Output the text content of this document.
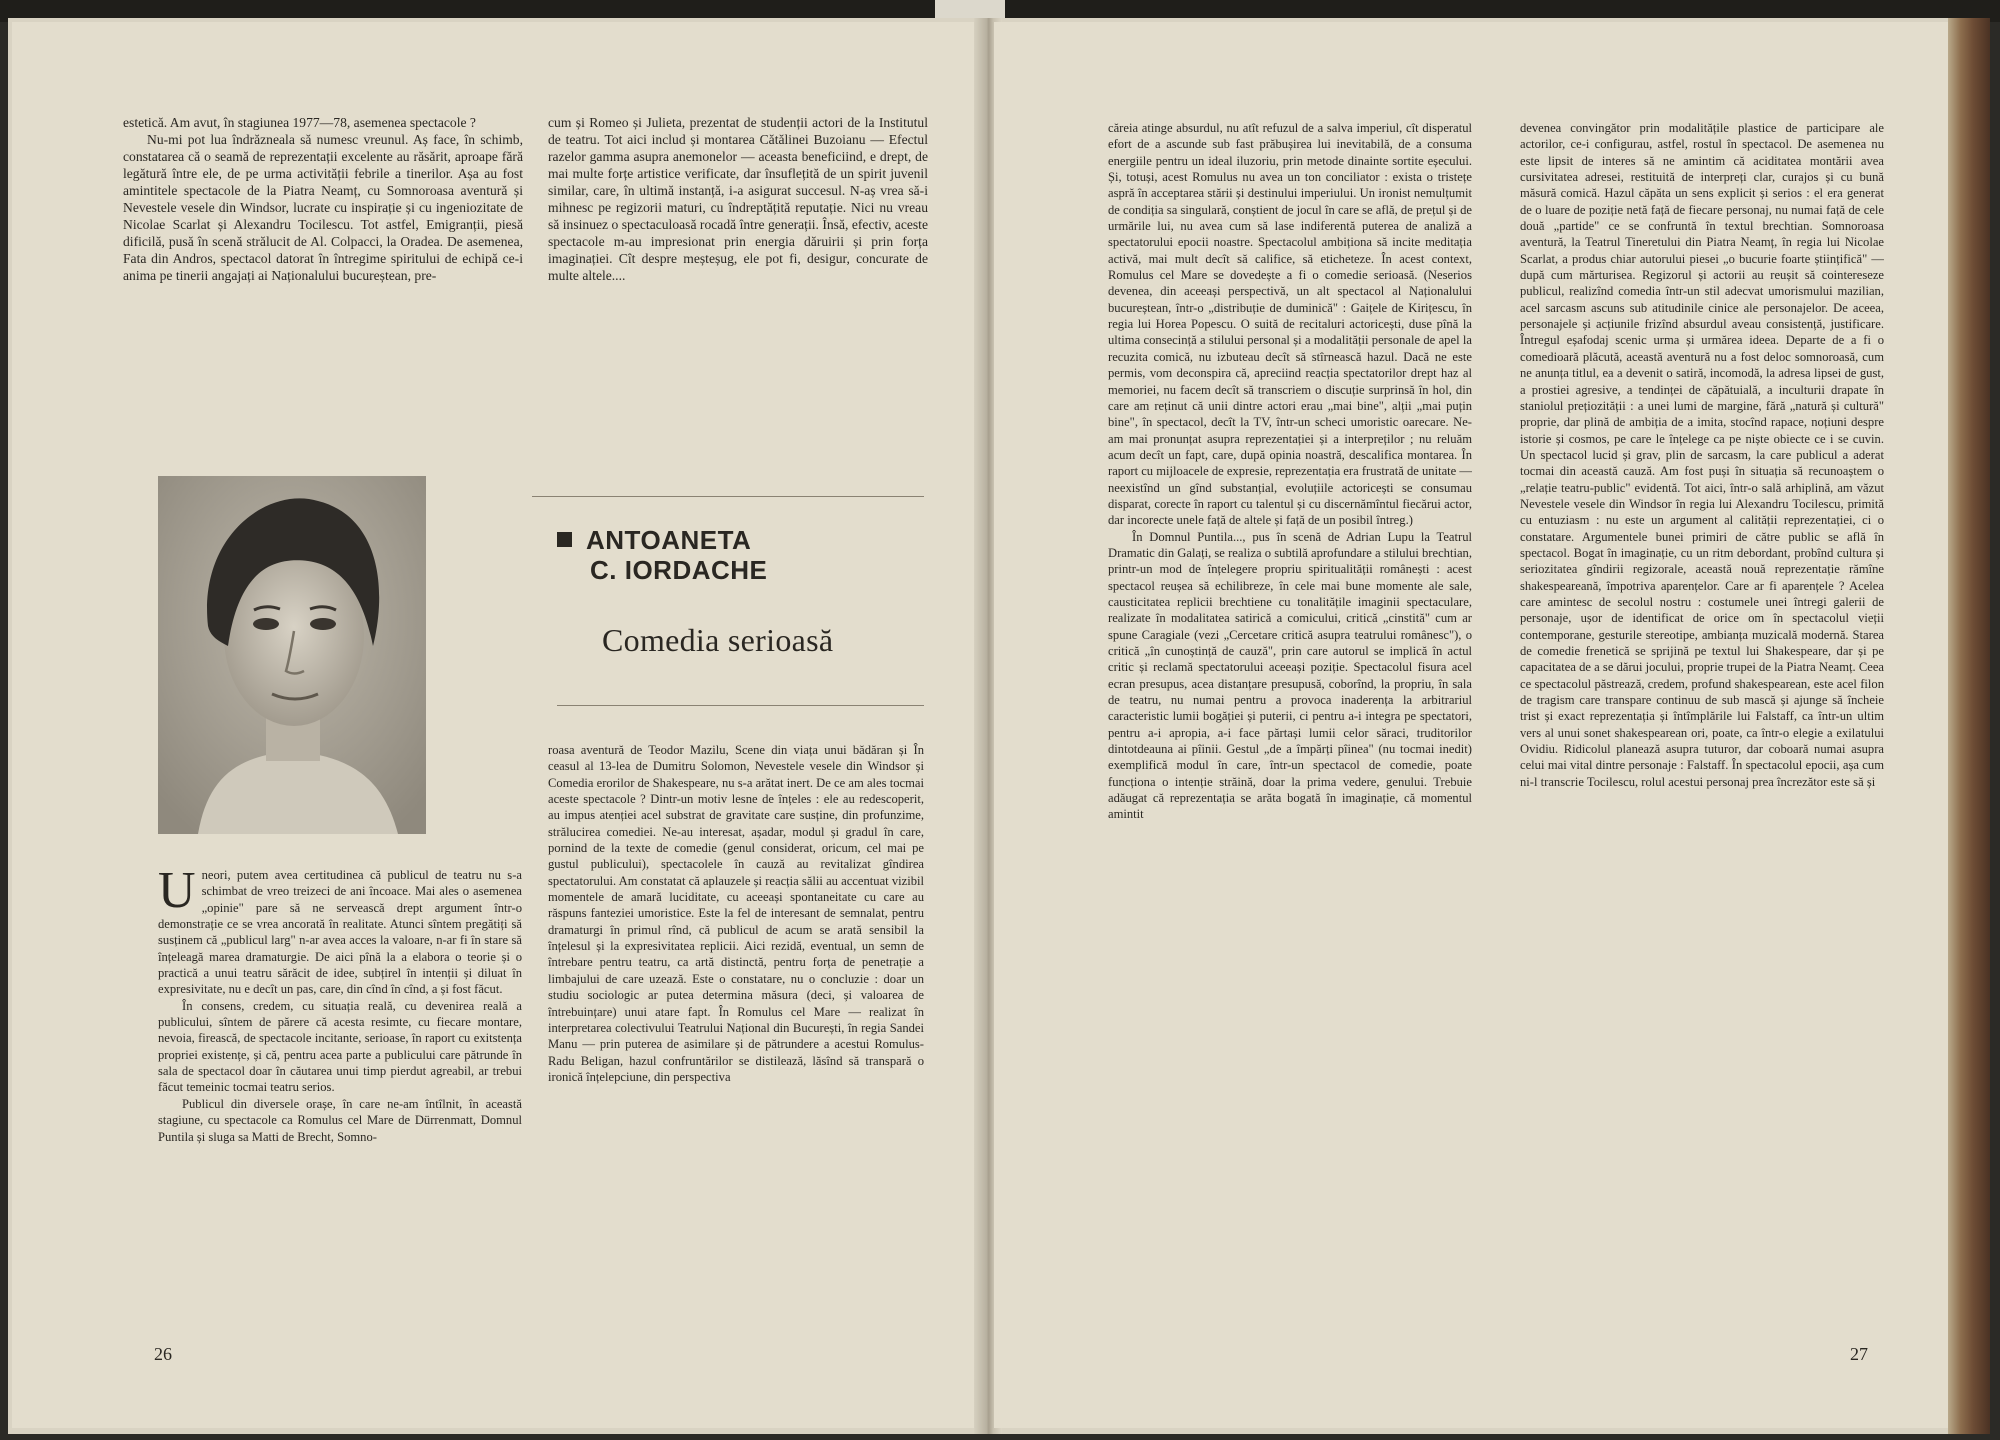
estetică. Am avut, în stagiunea 1977—78, asemenea spectacole ?

Nu-mi pot lua îndrăzneala să numesc vreunul. Aș face, în schimb, constatarea că o seamă de reprezentații excelente au răsărit, aproape fără legătură între ele, de pe urma activității febrile a tinerilor. Așa au fost amintitele spectacole de la Piatra Neamț, cu Somnoroasa aventură și Nevestele vesele din Windsor, lucrate cu inspirație și cu ingeniozitate de Nicolae Scarlat și Alexandru Tocilescu. Tot astfel, Emigranții, piesă dificilă, pusă în scenă strălucit de Al. Colpacci, la Oradea. De asemenea, Fata din Andros, spectacol datorat în întregime spiritului de echipă ce-i anima pe tinerii angajați ai Naționalului bucureștean, pre-

cum și Romeo și Julieta, prezentat de studenții actori de la Institutul de teatru. Tot aici includ și montarea Cătălinei Buzoianu — Efectul razelor gamma asupra anemonelor — aceasta beneficiind, e drept, de mai multe forțe artistice verificate, dar însuflețită de un spirit juvenil similar, care, în ultimă instanță, i-a asigurat succesul. N-aș vrea să-i mihnesc pe regizorii maturi, cu îndreptățită reputație. Nici nu vreau să insinuez o spectaculoasă rocadă între generații. Însă, efectiv, aceste spectacole m-au impresionat prin energia dăruirii și prin forța imaginației. Cît despre meșteșug, ele pot fi, desigur, concurate de multe altele....

ANTOANETA
C. IORDACHE
Comedia serioasă

Uneori, putem avea certitudinea că publicul de teatru nu s-a schimbat de vreo treizeci de ani încoace. Mai ales o asemenea „opinie" pare să ne servească drept argument într-o demonstrație ce se vrea ancorată în realitate. Atunci sîntem pregătiți să susținem că „publicul larg" n-ar avea acces la valoare, n-ar fi în stare să înțeleagă marea dramaturgie. De aici pînă la a elabora o teorie și o practică a unui teatru sărăcit de idee, subțirel în intenții și diluat în expresivitate, nu e decît un pas, care, din cînd în cînd, a și fost făcut.

În consens, credem, cu situația reală, cu devenirea reală a publicului, sîntem de părere că acesta resimte, cu fiecare montare, nevoia, firească, de spectacole incitante, serioase, în raport cu exitstența propriei existențe, și că, pentru acea parte a publicului care pătrunde în sala de spectacol doar în căutarea unui timp pierdut agreabil, ar trebui făcut temeinic tocmai teatru serios.

Publicul din diversele orașe, în care ne-am întîlnit, în această stagiune, cu spectacole ca Romulus cel Mare de Dürrenmatt, Domnul Puntila și sluga sa Matti de Brecht, Somno-

roasa aventură de Teodor Mazilu, Scene din viața unui bădăran și În ceasul al 13-lea de Dumitru Solomon, Nevestele vesele din Windsor și Comedia erorilor de Shakespeare, nu s-a arătat inert. De ce am ales tocmai aceste spectacole ? Dintr-un motiv lesne de înțeles : ele au redescoperit, au impus atenției acel substrat de gravitate care susține, din profunzime, strălucirea comediei. Ne-au interesat, așadar, modul și gradul în care, pornind de la texte de comedie (genul considerat, oricum, cel mai pe gustul publicului), spectacolele în cauză au revitalizat gîndirea spectatorului. Am constatat că aplauzele și reacția sălii au accentuat vizibil momentele de amară luciditate, cu aceeași spontaneitate cu care au răspuns fanteziei umoristice. Este la fel de interesant de semnalat, pentru dramaturgi în primul rînd, că publicul de acum se arată sensibil la înțelesul și la expresivitatea replicii. Aici rezidă, eventual, un semn de întrebare pentru teatru, ca artă distinctă, pentru forța de penetrație a limbajului de care uzează. Este o constatare, nu o concluzie : doar un studiu sociologic ar putea determina măsura (deci, și valoarea de întrebuințare) unui atare fapt. În Romulus cel Mare — realizat în interpretarea colectivului Teatrului Național din București, în regia Sandei Manu — prin puterea de asimilare și de pătrundere a acestui Romulus-Radu Beligan, hazul confruntărilor se distilează, lăsînd să transpară o ironică înțelepciune, din perspectiva

26

căreia atinge absurdul, nu atît refuzul de a salva imperiul, cît disperatul efort de a ascunde sub fast prăbușirea lui inevitabilă, de a consuma energiile pentru un ideal iluzoriu, prin metode dinainte sortite eșecului. Și, totuși, acest Romulus nu avea un ton conciliator : exista o tristețe aspră în acceptarea stării și destinului imperiului. Un ironist nemulțumit de condiția sa singulară, conștient de jocul în care se află, de prețul și de urmările lui, nu avea cum să lase indiferentă puterea de analiză a spectatorului epocii noastre. Spectacolul ambiționa să incite meditația activă, mai mult decît să califice, să eticheteze. În acest context, Romulus cel Mare se dovedește a fi o comedie serioasă. (Neserios devenea, din aceeași perspectivă, un alt spectacol al Naționalului bucureștean, într-o „distribuție de duminică" : Gaițele de Kirițescu, în regia lui Horea Popescu. O suită de recitaluri actoricești, duse pînă la ultima consecință a stilului personal și a modalității personale de apel la recuzita comică, nu izbuteau decît să stîrnească hazul. Dacă ne este permis, vom deconspira că, apreciind reacția spectatorilor drept haz al memoriei, nu facem decît să transcriem o discuție surprinsă în hol, din care am reținut că unii dintre actori erau „mai bine", alții „mai puțin bine", în spectacol, decît la TV, într-un scheci umoristic oarecare. Ne-am mai pronunțat asupra reprezentației și a interpreților ; nu reluăm acum decît un fapt, care, după opinia noastră, descalifica montarea. În raport cu mijloacele de expresie, reprezentația era frustrată de unitate — neexistînd un gînd substanțial, evoluțiile actoricești se consumau disparat, corecte în raport cu talentul și cu discernămîntul fiecărui actor, dar incorecte unele față de altele și față de un posibil întreg.)

În Domnul Puntila..., pus în scenă de Adrian Lupu la Teatrul Dramatic din Galați, se realiza o subtilă aprofundare a stilului brechtian, printr-un mod de înțelegere propriu spiritualității românești : acest spectacol reușea să echilibreze, în cele mai bune momente ale sale, causticitatea replicii brechtiene cu tonalitățile imaginii spectaculare, realizate în modalitatea satirică a comicului, critică „cinstită" cum ar spune Caragiale (vezi „Cercetare critică asupra teatrului românesc"), o critică „în cunoștință de cauză", prin care autorul se implică în actul critic și reclamă spectatorului aceeași poziție. Spectacolul fisura acel ecran presupus, acea distanțare presupusă, coborînd, la propriu, în sala de teatru, nu numai pentru a provoca inaderența la arbitrariul caracteristic lumii bogăției și puterii, ci pentru a-i integra pe spectatori, pentru a-i apropia, a-i face părtași lumii celor săraci, truditorilor dintotdeauna ai pîinii. Gestul „de a împărți pîinea" (nu tocmai inedit) exemplifică modul în care, într-un spectacol de comedie, poate funcționa o intenție străină, doar la prima vedere, genului. Trebuie adăugat că reprezentația se arăta bogată în imaginație, că momentul amintit

devenea convingător prin modalitățile plastice de participare ale actorilor, ce-i configurau, astfel, rostul în spectacol. De asemenea nu este lipsit de interes să ne amintim că aciditatea montării avea cursivitatea adresei, restituită de interpreți clar, curajos și cu bună măsură comică. Hazul căpăta un sens explicit și serios : el era generat de o luare de poziție netă față de fiecare personaj, nu numai față de cele două „partide" ce se confruntă în textul brechtian. Somnoroasa aventură, la Teatrul Tineretului din Piatra Neamț, în regia lui Nicolae Scarlat, a produs chiar autorului piesei „o bucurie foarte științifică" — după cum mărturisea. Regizorul și actorii au reușit să cointereseze publicul, realizînd comedia într-un stil adecvat umorismului mazilian, acel sarcasm ascuns sub atitudinile cinice ale personajelor. De aceea, personajele și acțiunile frizînd absurdul aveau consistență, justificare. Întregul eșafodaj scenic urma și urmărea ideea. Departe de a fi o comedioară plăcută, această aventură nu a fost deloc somnoroasă, cum ne anunța titlul, ea a devenit o satiră, incomodă, la adresa lipsei de gust, a prostiei agresive, a tendinței de căpătuială, a inculturii drapate în staniolul prețiozității : a unei lumi de margine, fără „natură și cultură" proprie, dar plină de ambiția de a imita, stocînd rapace, noțiuni despre istorie și cosmos, pe care le înțelege ca pe niște obiecte ce i se cuvin. Un spectacol lucid și grav, plin de sarcasm, la care publicul a aderat tocmai din această cauză. Am fost puși în situația să recunoaștem o „relație teatru-public" evidentă. Tot aici, într-o sală arhiplină, am văzut Nevestele vesele din Windsor în regia lui Alexandru Tocilescu, primită cu entuziasm : nu este un argument al calității reprezentației, ci o constatare. Argumentele bunei primiri de către public se află în spectacol. Bogat în imaginație, cu un ritm debordant, probînd cultura și seriozitatea gîndirii regizorale, această nouă reprezentație rămîne shakespeareană, împotriva aparențelor. Care ar fi aparențele ? Acelea care amintesc de secolul nostru : costumele unei întregi galerii de personaje, ușor de identificat de orice om în spectacolul vieții contemporane, gesturile stereotipe, ambianța muzicală modernă. Starea de comedie frenetică se sprijină pe textul lui Shakespeare, dar și pe capacitatea de a se dărui jocului, proprie trupei de la Piatra Neamț. Ceea ce spectacolul păstrează, credem, profund shakespearean, este acel filon de tragism care transpare continuu de sub mască și ajunge să încheie trist și exact reprezentația și întîmplările lui Falstaff, ca într-un ultim vers al unui sonet shakespearean ori, poate, ca într-o elegie a exilatului Ovidiu. Ridicolul planează asupra tuturor, dar coboară numai asupra celui mai vital dintre personaje : Falstaff. În spectacolul epocii, așa cum ni-l transcrie Tocilescu, rolul acestui personaj prea încrezător este să și

27
